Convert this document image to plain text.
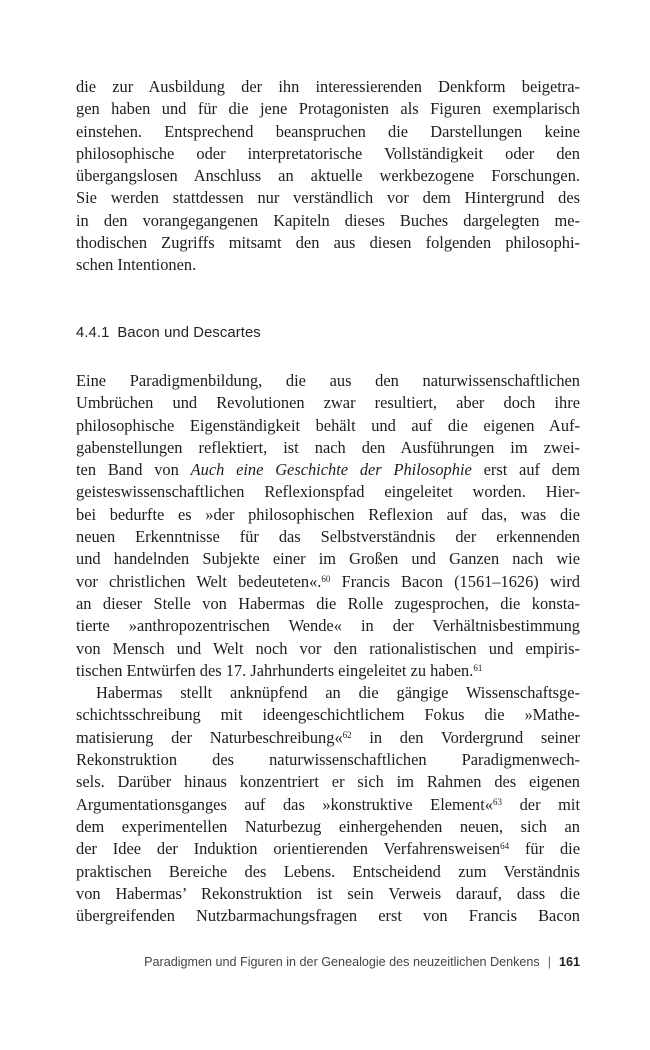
die zur Ausbildung der ihn interessierenden Denkform beigetra-
gen haben und für die jene Protagonisten als Figuren exemplarisch
einstehen. Entsprechend beanspruchen die Darstellungen keine
philosophische oder interpretatorische Vollständigkeit oder den
übergangslosen Anschluss an aktuelle werkbezogene Forschungen.
Sie werden stattdessen nur verständlich vor dem Hintergrund des
in den vorangegangenen Kapiteln dieses Buches dargelegten me-
thodischen Zugriffs mitsamt den aus diesen folgenden philosophi-
schen Intentionen.
4.4.1 Bacon und Descartes
Eine Paradigmenbildung, die aus den naturwissenschaftlichen
Umbrüchen und Revolutionen zwar resultiert, aber doch ihre
philosophische Eigenständigkeit behält und auf die eigenen Auf-
gabenstellungen reflektiert, ist nach den Ausführungen im zwei-
ten Band von Auch eine Geschichte der Philosophie erst auf dem
geisteswissenschaftlichen Reflexionspfad eingeleitet worden. Hier-
bei bedurfte es »der philosophischen Reflexion auf das, was die
neuen Erkenntnisse für das Selbstverständnis der erkennenden
und handelnden Subjekte einer im Großen und Ganzen nach wie
vor christlichen Welt bedeuteten«.$^{60}$ Francis Bacon (1561–1626) wird
an dieser Stelle von Habermas die Rolle zugesprochen, die konsta-
tierte »anthropozentrischen Wende« in der Verhältnisbestimmung
von Mensch und Welt noch vor den rationalistischen und empiris-
tischen Entwürfen des 17. Jahrhunderts eingeleitet zu haben.$^{61}$
Habermas stellt anknüpfend an die gängige Wissenschaftsge-
schichtsschreibung mit ideengeschichtlichem Fokus die »Mathe-
matisierung der Naturbeschreibung«$^{62}$ in den Vordergrund seiner
Rekonstruktion des naturwissenschaftlichen Paradigmenwech-
sels. Darüber hinaus konzentriert er sich im Rahmen des eigenen
Argumentationsganges auf das »konstruktive Element«$^{63}$ der mit
dem experimentellen Naturbezug einhergehenden neuen, sich an
der Idee der Induktion orientierenden Verfahrensweisen$^{64}$ für die
praktischen Bereiche des Lebens. Entscheidend zum Verständnis
von Habermas’ Rekonstruktion ist sein Verweis darauf, dass die
übergreifenden Nutzbarmachungsfragen erst von Francis Bacon
Paradigmen und Figuren in der Genealogie des neuzeitlichen Denkens | 161
